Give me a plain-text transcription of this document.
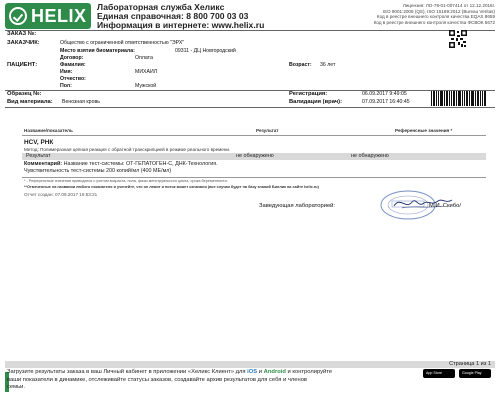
HELIX Лабораторная служба Хеликс
Единая справочная: 8 800 700 03 03
Информация в интернете: www.helix.ru
Лицензия: ЛО-78-01-007414 от 12.12.2016г.
ISO 9001:2008 (QS), ISO 15189:2012 (Bureau Veritas)
Код в реестре внешнего контроля качества EQAS 8659
Код в реестре внешнего контроля качества ФСВОК 5672
ЗАКАЗ №:
ЗАКАЗЧИК:	Общество с ограниченной ответственностью "ЭРХ"
Место взятия биоматериала:	09311 - ДЦ Новгородский
Договор:	Оплата
ПАЦИЕНТ:	Фамилия:
Имя:	МИХАИЛ
Возраст: 36 лет
Отчество:
Пол:	Мужской
Образец №:
Вид материала: Венозная кровь
Регистрация:	06.09.2017 9:49:05
Валидация (врач):	07.09.2017 16:40:45
Название/показатель	Результат	Референсные значения *
HCV, РНК
Метод: Полимеразная цепная реакция с обратной транскрипцией в режиме реального времени.
Результат	не обнаружено	не обнаружено
Комментарий: Название тест-системы: ОТ-ГЕПАТОГЕН-С, ДНК-Технология.
Чувствительность тест-системы 200 копий/мл (400 МЕ/мл)
* - Референсные значения приводятся с учетом возраста, пола, фазы менструального цикла, срока беременности.
**Отмеченные на названии любого показателя и ученейте, что он лежит и поток может означали (все случаи будет на базу знаний Биллик на сайте helix.ru)
Отчет создан: 07.09.2017 16:53:21
Заведующая лабораторией:	М.И. Скибо/
Страница 1 из 1
Загрузите результаты заказа в ваш Личный кабинет в приложении «Хеликс Клиент» для iOS и Android и контролируйте
ваши показатели в динамике, отслеживайте статусы заказов, создавайте архив результатов для себя и членов
семьи.
App Store	Google Play
